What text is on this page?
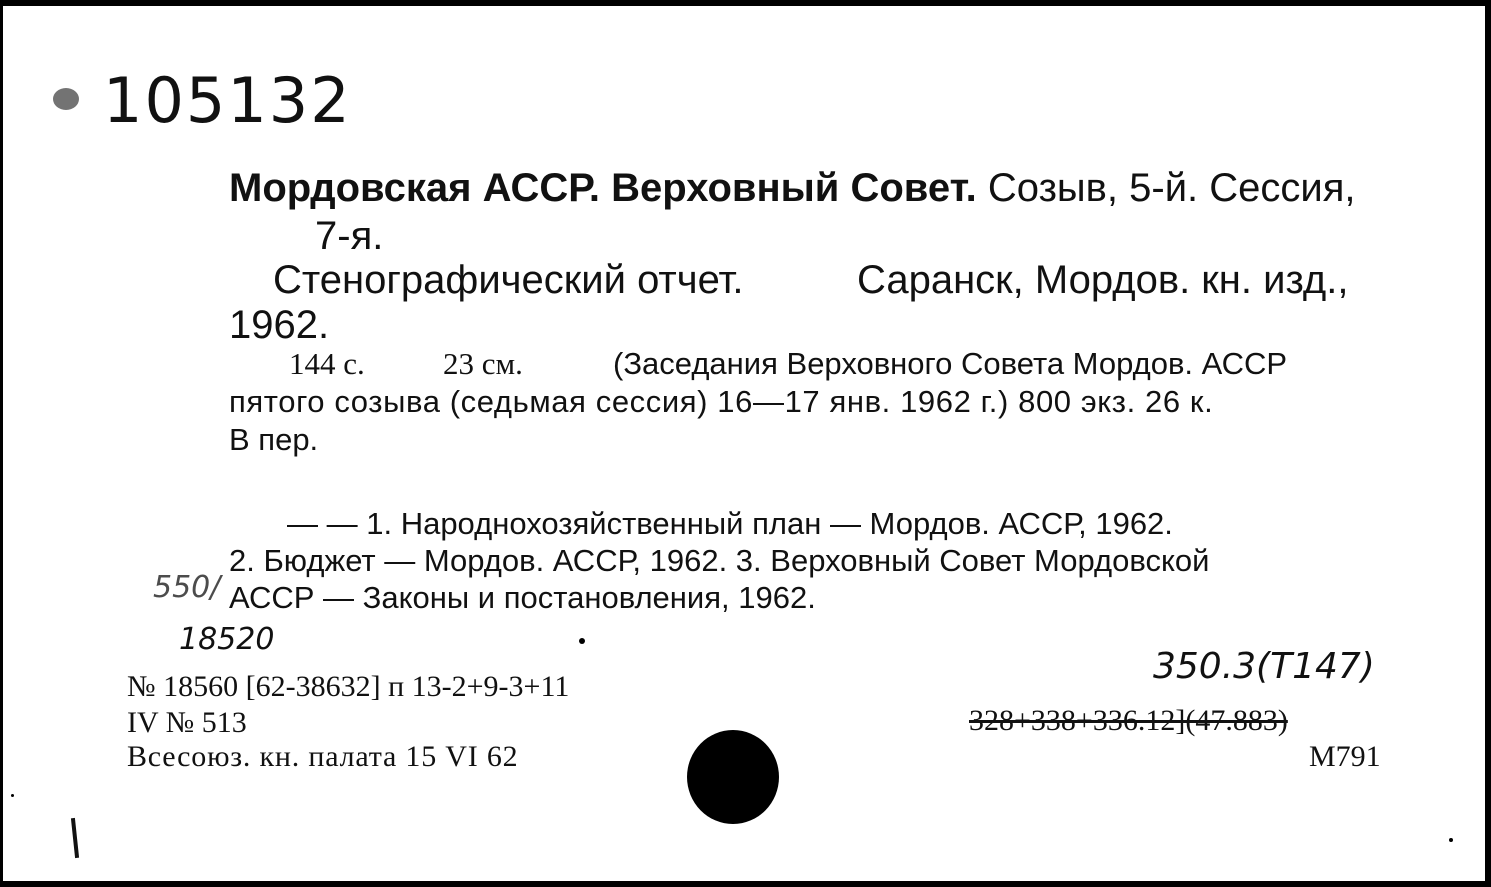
105132
Мордовская АССР. Верховный Совет. Созыв, 5-й. Сессия,
7-я.
Стенографический отчет.	Саранск, Мордов. кн. изд.,
1962.
144 с.	23 см.	(Заседания Верховного Совета Мордов. АССР
пятого созыва (седьмая сессия) 16—17 янв. 1962 г.) 800 экз. 26 к.
В пер.
— — 1. Народнохозяйственный план — Мордов. АССР, 1962.
2. Бюджет — Мордов. АССР, 1962. 3. Верховный Совет Мордовской
АССР — Законы и постановления, 1962.
550/
18520
№ 18560 [62-38632] п 13-2+9-3+11
IV № 513
Всесоюз. кн. палата 15 VI 62
350.3(T147)
328+338+336.12](47.883)
М791
